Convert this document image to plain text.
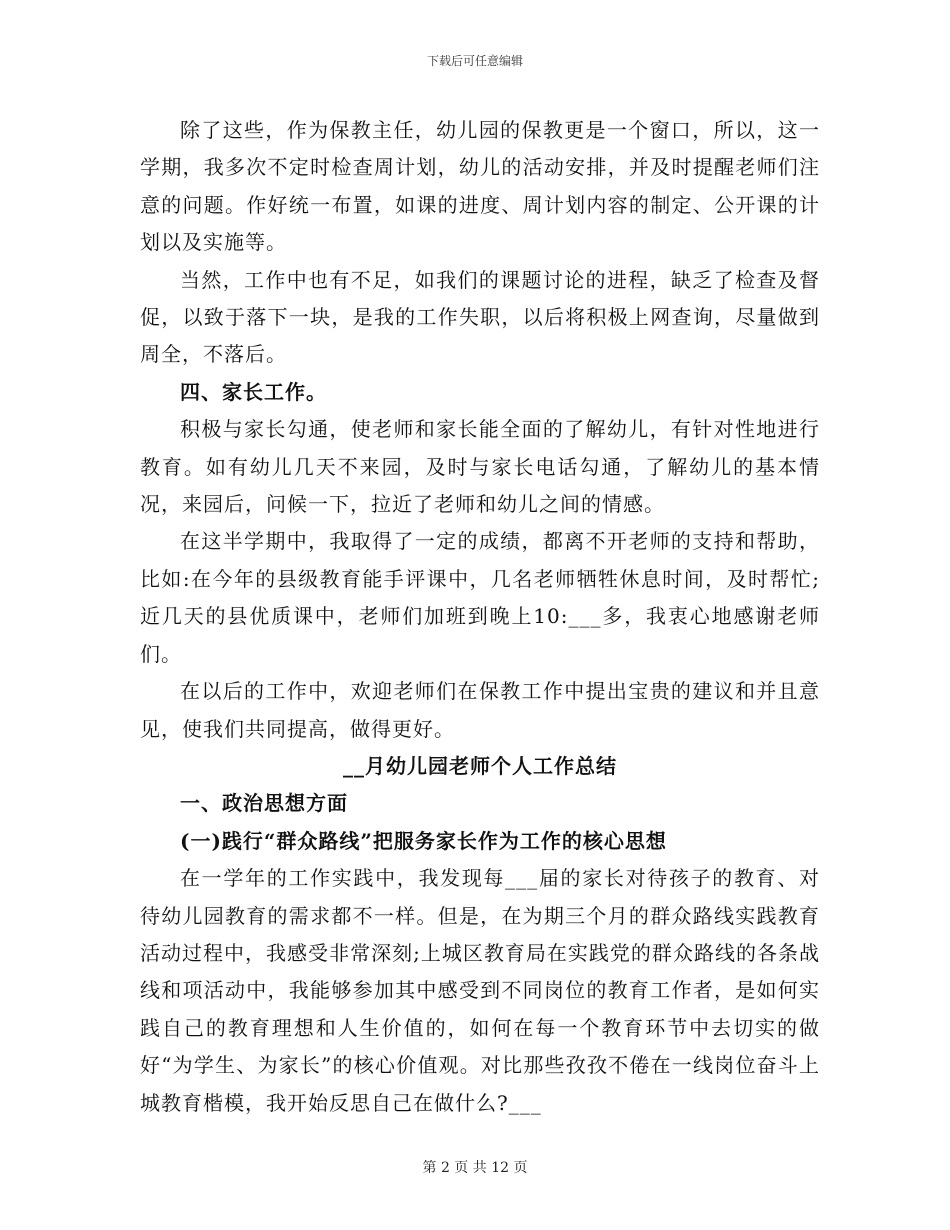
下载后可任意编辑

除了这些，作为保教主任，幼儿园的保教更是一个窗口，所以，这一学期，我多次不定时检查周计划，幼儿的活动安排，并及时提醒老师们注意的问题。作好统一布置，如课的进度、周计划内容的制定、公开课的计划以及实施等。

当然，工作中也有不足，如我们的课题讨论的进程，缺乏了检查及督促，以致于落下一块，是我的工作失职，以后将积极上网查询，尽量做到周全，不落后。

四、家长工作。

积极与家长勾通，使老师和家长能全面的了解幼儿，有针对性地进行教育。如有幼儿几天不来园，及时与家长电话勾通，了解幼儿的基本情况，来园后，问候一下，拉近了老师和幼儿之间的情感。

在这半学期中，我取得了一定的成绩，都离不开老师的支持和帮助，比如:在今年的县级教育能手评课中，几名老师牺牲休息时间，及时帮忙;近几天的县优质课中，老师们加班到晚上10:___多，我衷心地感谢老师们。

在以后的工作中，欢迎老师们在保教工作中提出宝贵的建议和并且意见，使我们共同提高，做得更好。

__月幼儿园老师个人工作总结

一、政治思想方面

(一)践行“群众路线”把服务家长作为工作的核心思想

在一学年的工作实践中，我发现每___届的家长对待孩子的教育、对待幼儿园教育的需求都不一样。但是，在为期三个月的群众路线实践教育活动过程中，我感受非常深刻;上城区教育局在实践党的群众路线的各条战线和项活动中，我能够参加其中感受到不同岗位的教育工作者，是如何实践自己的教育理想和人生价值的，如何在每一个教育环节中去切实的做好“为学生、为家长”的核心价值观。对比那些孜孜不倦在一线岗位奋斗上城教育楷模，我开始反思自己在做什么?___

第 2 页 共 12 页
